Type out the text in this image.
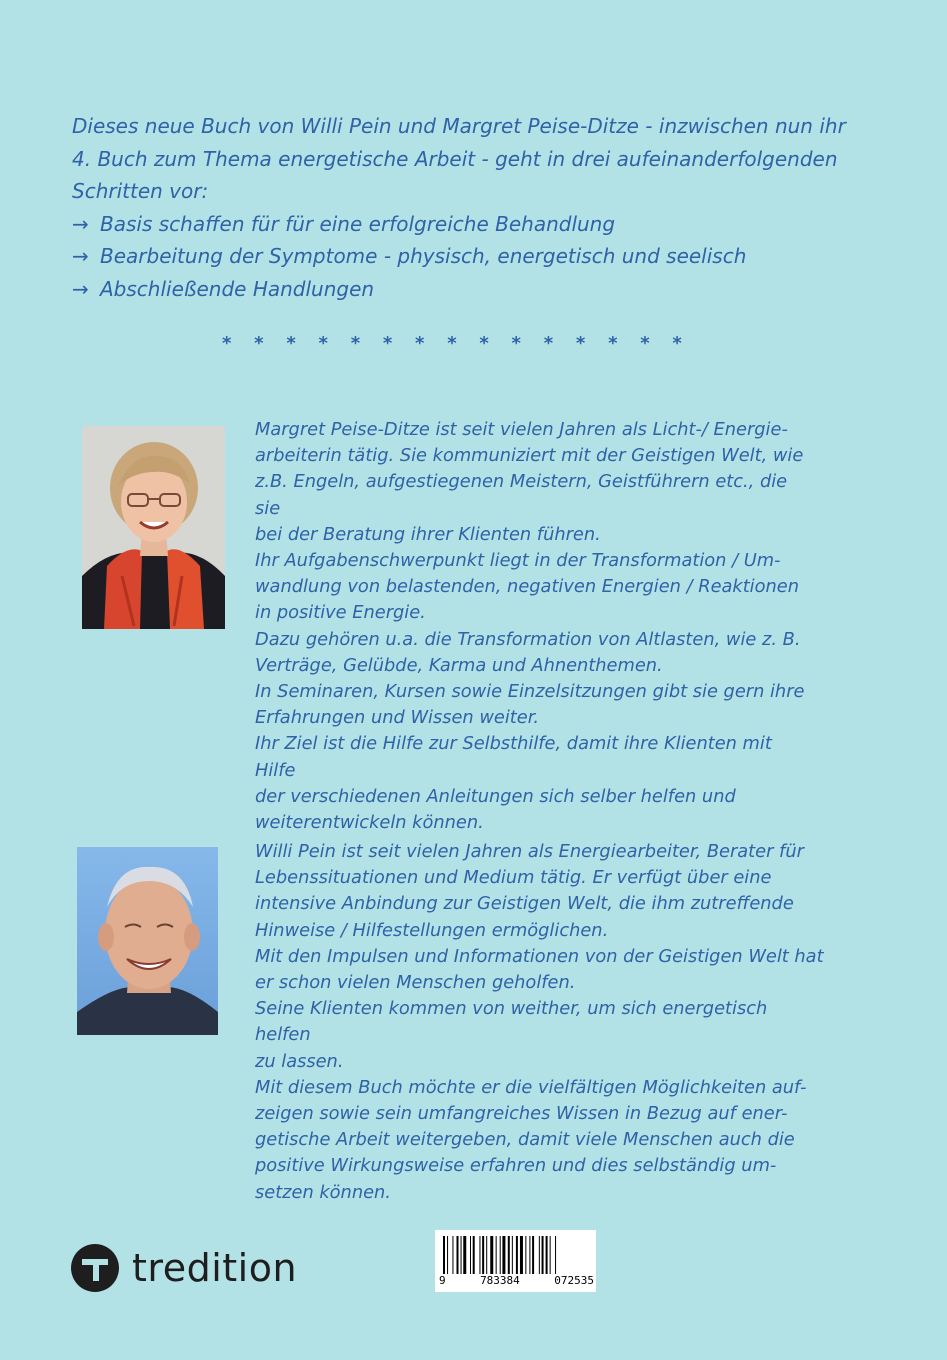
Dieses neue Buch von Willi Pein und Margret Peise-Ditze - inzwischen nun ihr 4. Buch zum Thema energetische Arbeit - geht in drei aufeinanderfolgenden Schritten vor:

→ Basis schaffen für für eine erfolgreiche Behandlung
→ Bearbeitung der Symptome - physisch, energetisch und seelisch
→ Abschließende Handlungen
* * * * * * * * * * * * * * *
Margret Peise-Ditze ist seit vielen Jahren als Licht-/ Energie-
arbeiterin tätig. Sie kommuniziert mit der Geistigen Welt, wie
z.B. Engeln, aufgestiegenen Meistern, Geistführern etc., die sie
bei der Beratung ihrer Klienten führen.
Ihr Aufgabenschwerpunkt liegt in der Transformation / Um-
wandlung von belastenden, negativen Energien / Reaktionen
in positive Energie.
Dazu gehören u.a. die Transformation von Altlasten, wie z. B.
Verträge, Gelübde, Karma und Ahnenthemen.
In Seminaren, Kursen sowie Einzelsitzungen gibt sie gern ihre
Erfahrungen und Wissen weiter.
Ihr Ziel ist die Hilfe zur Selbsthilfe, damit ihre Klienten mit Hilfe
der verschiedenen Anleitungen sich selber helfen und
weiterentwickeln können.
Willi Pein ist seit vielen Jahren als Energiearbeiter, Berater für
Lebenssituationen und Medium tätig. Er verfügt über eine
intensive Anbindung zur Geistigen Welt, die ihm zutreffende
Hinweise / Hilfestellungen ermöglichen.
Mit den Impulsen und Informationen von der Geistigen Welt hat
er schon vielen Menschen geholfen.
Seine Klienten kommen von weither, um sich energetisch helfen
zu lassen.
Mit diesem Buch möchte er die vielfältigen Möglichkeiten auf-
zeigen sowie sein umfangreiches Wissen in Bezug auf ener-
getische Arbeit weitergeben, damit viele Menschen auch die
positive Wirkungsweise erfahren und dies selbständig um-
setzen können.
tredition	9	783384	072535
